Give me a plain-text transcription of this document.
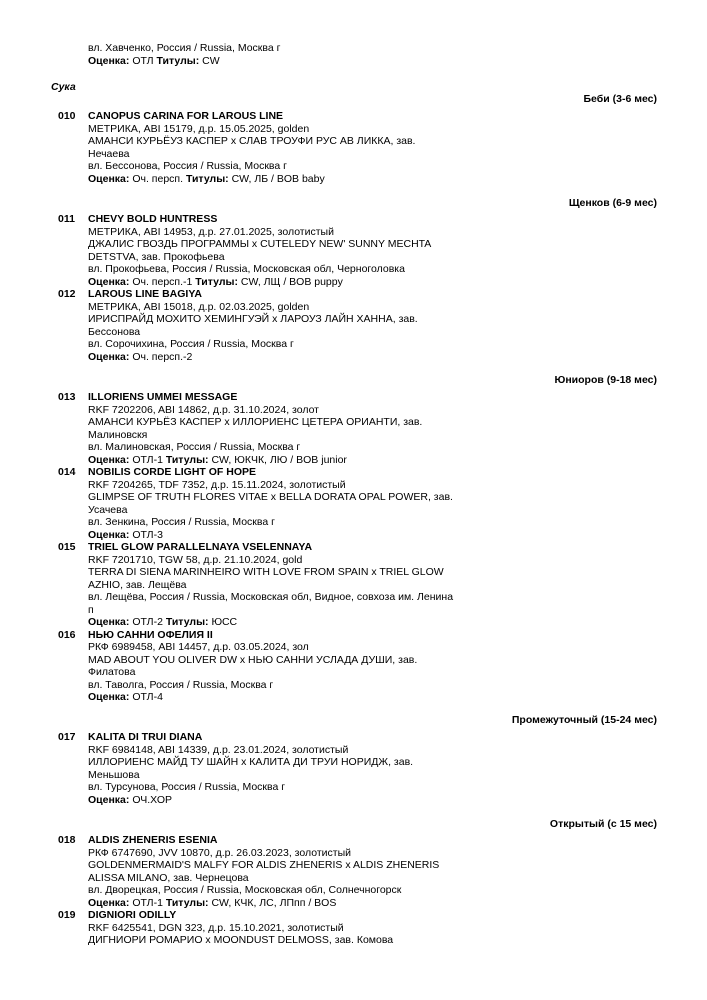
вл. Хавченко, Россия / Russia, Москва г
Оценка: ОТЛ Титулы: CW
Сука
Беби (3-6 мес)
010 CANOPUS CARINA FOR LAROUS LINE
МЕТРИКА, ABI 15179, д.р. 15.05.2025, golden
АМАНСИ КУРЬЁУЗ КАСПЕР x СЛАВ ТРОУФИ РУС АВ ЛИККА, зав.
Нечаева
вл. Бессонова, Россия / Russia, Москва г
Оценка: Оч. персп. Титулы: CW, ЛБ / BOB baby
Щенков (6-9 мес)
011 CHEVY BOLD HUNTRESS
МЕТРИКА, ABI 14953, д.р. 27.01.2025, золотистый
ДЖАЛИС ГВОЗДЬ ПРОГРАММЫ x CUTELEDY NEW' SUNNY MECHTA
DETSTVA, зав. Прокофьева
вл. Прокофьева, Россия / Russia, Московская обл, Черноголовка
Оценка: Оч. персп.-1 Титулы: CW, ЛЩ / BOB puppy
012 LAROUS LINE BAGIYA
МЕТРИКА, ABI 15018, д.р. 02.03.2025, golden
ИРИСПРАЙД МОХИТО ХЕМИНГУЭЙ x ЛАРОУЗ ЛАЙН ХАННА, зав.
Бессонова
вл. Сорочихина, Россия / Russia, Москва г
Оценка: Оч. персп.-2
Юниоров (9-18 мес)
013 ILLORIENS UMMEI MESSAGE
RKF 7202206, ABI 14862, д.р. 31.10.2024, золот
АМАНСИ КУРЬЁЗ КАСПЕР x ИЛЛОРИЕНС ЦЕТЕРА ОРИАНТИ, зав.
Малиновскя
вл. Малиновская, Россия / Russia, Москва г
Оценка: ОТЛ-1 Титулы: CW, ЮКЧК, ЛЮ / BOB junior
014 NOBILIS CORDE LIGHT OF HOPE
RKF 7204265, TDF 7352, д.р. 15.11.2024, золотистый
GLIMPSE OF TRUTH FLORES VITAE x BELLA DORATA OPAL POWER, зав.
Усачева
вл. Зенкина, Россия / Russia, Москва г
Оценка: ОТЛ-3
015 TRIEL GLOW PARALLELNAYA VSELENNAYA
RKF 7201710, TGW 58, д.р. 21.10.2024, gold
TERRA DI SIENA MARINHEIRO WITH LOVE FROM SPAIN x TRIEL GLOW
AZHIO, зав. Лещёва
вл. Лещёва, Россия / Russia, Московская обл, Видное, совхоза им. Ленина
п
Оценка: ОТЛ-2 Титулы: ЮСС
016 НЬЮ САННИ ОФЕЛИЯ II
РКФ 6989458, ABI 14457, д.р. 03.05.2024, зол
MAD ABOUT YOU OLIVER DW x НЬЮ САННИ УСЛАДА ДУШИ, зав.
Филатова
вл. Таволга, Россия / Russia, Москва г
Оценка: ОТЛ-4
Промежуточный (15-24 мес)
017 KALITA DI TRUI DIANA
RKF 6984148, ABI 14339, д.р. 23.01.2024, золотистый
ИЛЛОРИЕНС МАЙД ТУ ШАЙН x КАЛИТА ДИ ТРУИ НОРИДЖ, зав.
Меньшова
вл. Турсунова, Россия / Russia, Москва г
Оценка: ОЧ.ХОР
Открытый (с 15 мес)
018 ALDIS ZHENERIS ESENIA
РКФ 6747690, JVV 10870, д.р. 26.03.2023, золотистый
GOLDENMERMAID'S MALFY FOR ALDIS ZHENERIS x ALDIS ZHENERIS
ALISSA MILANO, зав. Чернецова
вл. Дворецкая, Россия / Russia, Московская обл, Солнечногорск
Оценка: ОТЛ-1 Титулы: CW, КЧК, ЛС, ЛПпп / BOS
019 DIGNIORI ODILLY
RKF 6425541, DGN 323, д.р. 15.10.2021, золотистый
ДИГНИОРИ РОМАРИО x MOONDUST DELMOSS, зав. Комова
